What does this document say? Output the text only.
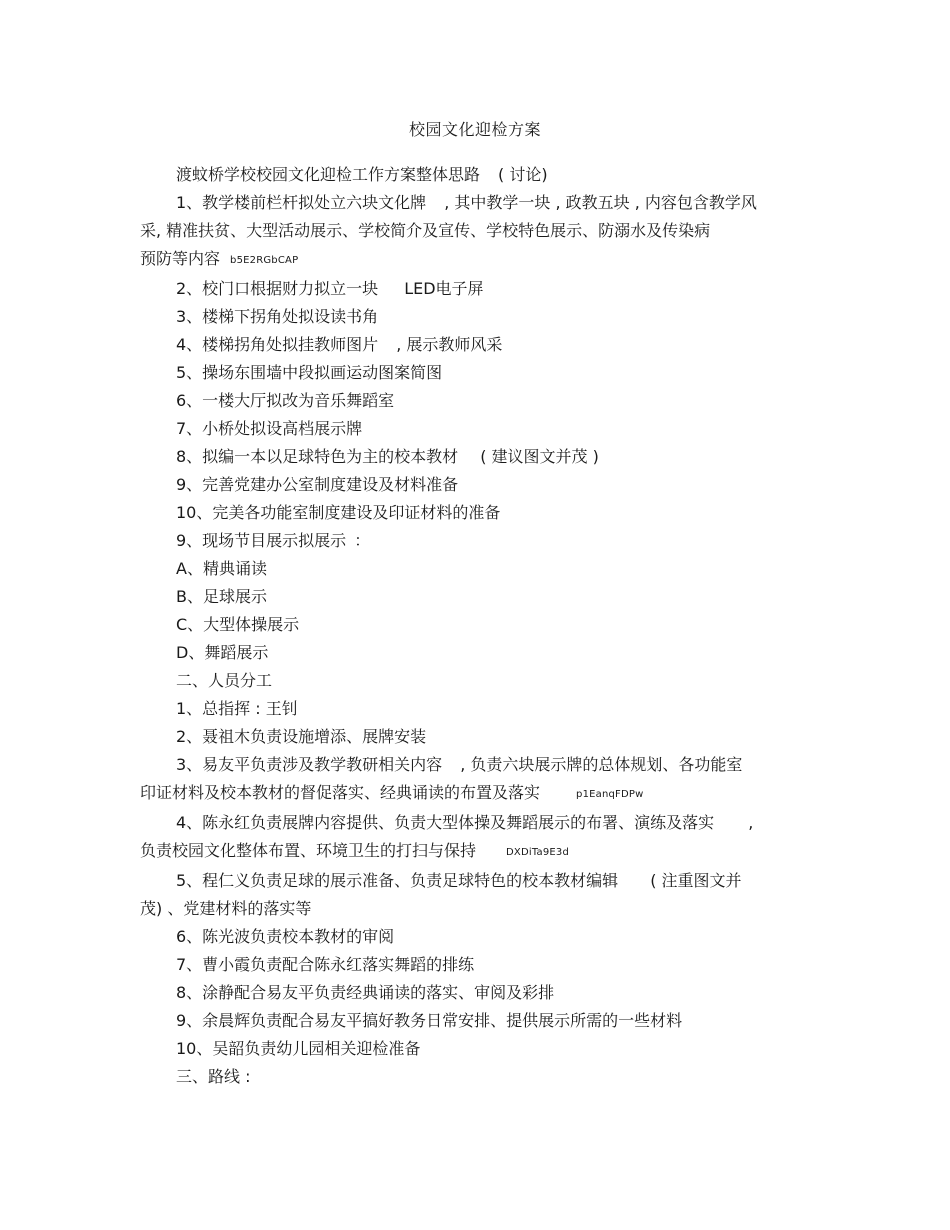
校园文化迎检方案

渡蚊桥学校校园文化迎检工作方案整体思路 ( 讨论)

1、教学楼前栏杆拟处立六块文化牌 , 其中教学一块 , 政教五块 , 内容包含教学风
采, 精准扶贫、大型活动展示、学校简介及宣传、学校特色展示、防溺水及传染病
预防等内容 b5E2RGbCAP

2、校门口根据财力拟立一块 LED电子屏

3、楼梯下拐角处拟设读书角

4、楼梯拐角处拟挂教师图片 , 展示教师风采

5、操场东围墙中段拟画运动图案简图

6、一楼大厅拟改为音乐舞蹈室

7、小桥处拟设高档展示牌

8、拟编一本以足球特色为主的校本教材 ( 建议图文并茂 )

9、完善党建办公室制度建设及材料准备

10、完美各功能室制度建设及印证材料的准备

9、现场节目展示拟展示 ：

A、精典诵读

B、足球展示

C、大型体操展示

D、舞蹈展示

二、人员分工

1、总指挥 : 王钊

2、聂祖木负责设施增添、展牌安装

3、易友平负责涉及教学教研相关内容 , 负责六块展示牌的总体规划、各功能室
印证材料及校本教材的督促落实、经典诵读的布置及落实	p1EanqFDPw
4、陈永红负责展牌内容提供、负责大型体操及舞蹈展示的布署、演练及落实 ,
负责校园文化整体布置、环境卫生的打扫与保持	DXDiTa9E3d
5、程仁义负责足球的展示准备、负责足球特色的校本教材编辑 ( 注重图文并
茂) 、党建材料的落实等

6、陈光波负责校本教材的审阅

7、曹小霞负责配合陈永红落实舞蹈的排练

8、涂静配合易友平负责经典诵读的落实、审阅及彩排

9、余晨辉负责配合易友平搞好教务日常安排、提供展示所需的一些材料

10、吴韶负责幼儿园相关迎检准备

三、路线 :
